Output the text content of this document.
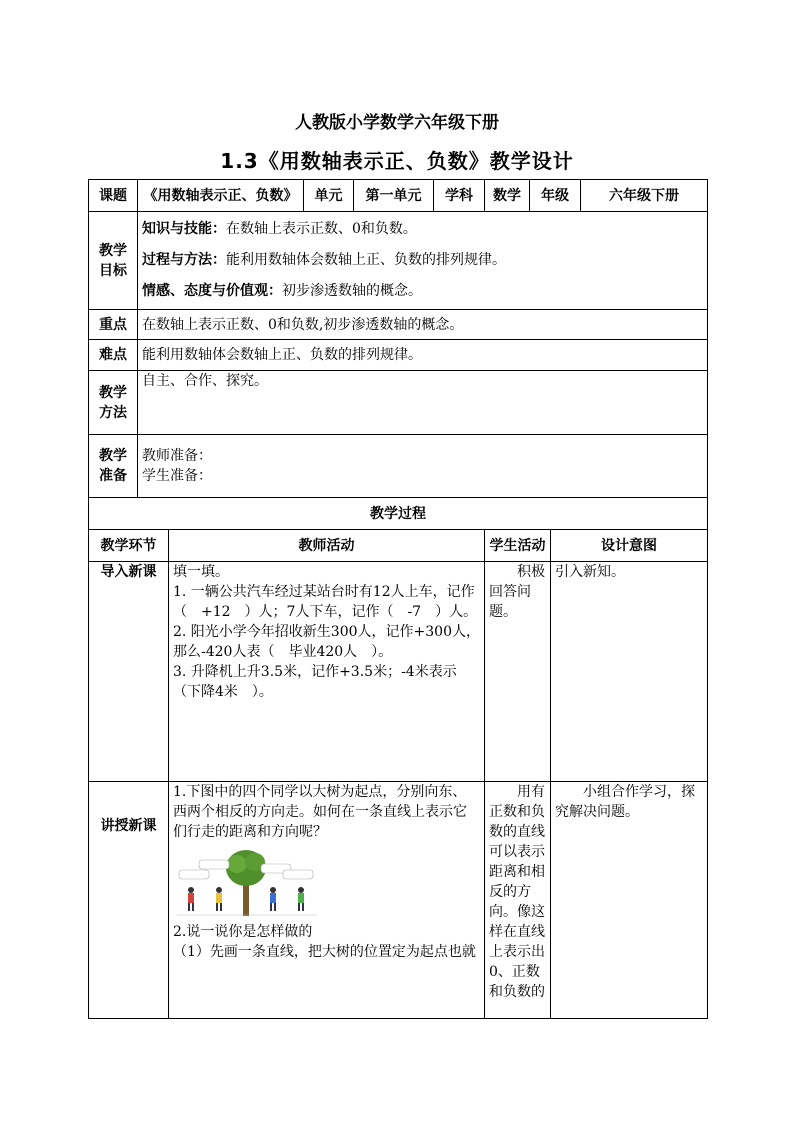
人教版小学数学六年级下册
1.3《用数轴表示正、负数》教学设计
课题	《用数轴表示正、负数》		单元	第一单元	学科	数学	年级		六年级下册
教学目标	知识与技能：在数轴上表示正数、0和负数。
过程与方法：能利用数轴体会数轴上正、负数的排列规律。
情感、态度与价值观：初步渗透数轴的概念。								

重点	在数轴上表示正数、0和负数,初步渗透数轴的概念。								
难点	能利用数轴体会数轴上正、负数的排列规律。								
教学方法	自主、合作、探究。								
教学准备	教师准备：
学生准备：								

教学过程									
教学环节		教师活动				学生活动		设计意图	
导入新课		填一填。
1. 一辆公共汽车经过某站台时有12人上车，记作（　+12　）人；7人下车，记作（　-7　）人。
2. 阳光小学今年招收新生300人，记作+300人，那么-420人表（　毕业420人　）。
3. 升降机上升3.5米，记作+3.5米；-4米表示（下降4米　）。				积极回答问题。		引入新知。	
讲授新课		1.下图中的四个同学以大树为起点，分别向东、西两个相反的方向走。如何在一条直线上表示它们行走的距离和方向呢？
2.说一说你是怎样做的
（1）先画一条直线，把大树的位置定为起点也就				用有正数和负数的直线可以表示距离和相反的方向。像这样在直线上表示出0、正数和负数的		小组合作学习，探究解决问题。	
